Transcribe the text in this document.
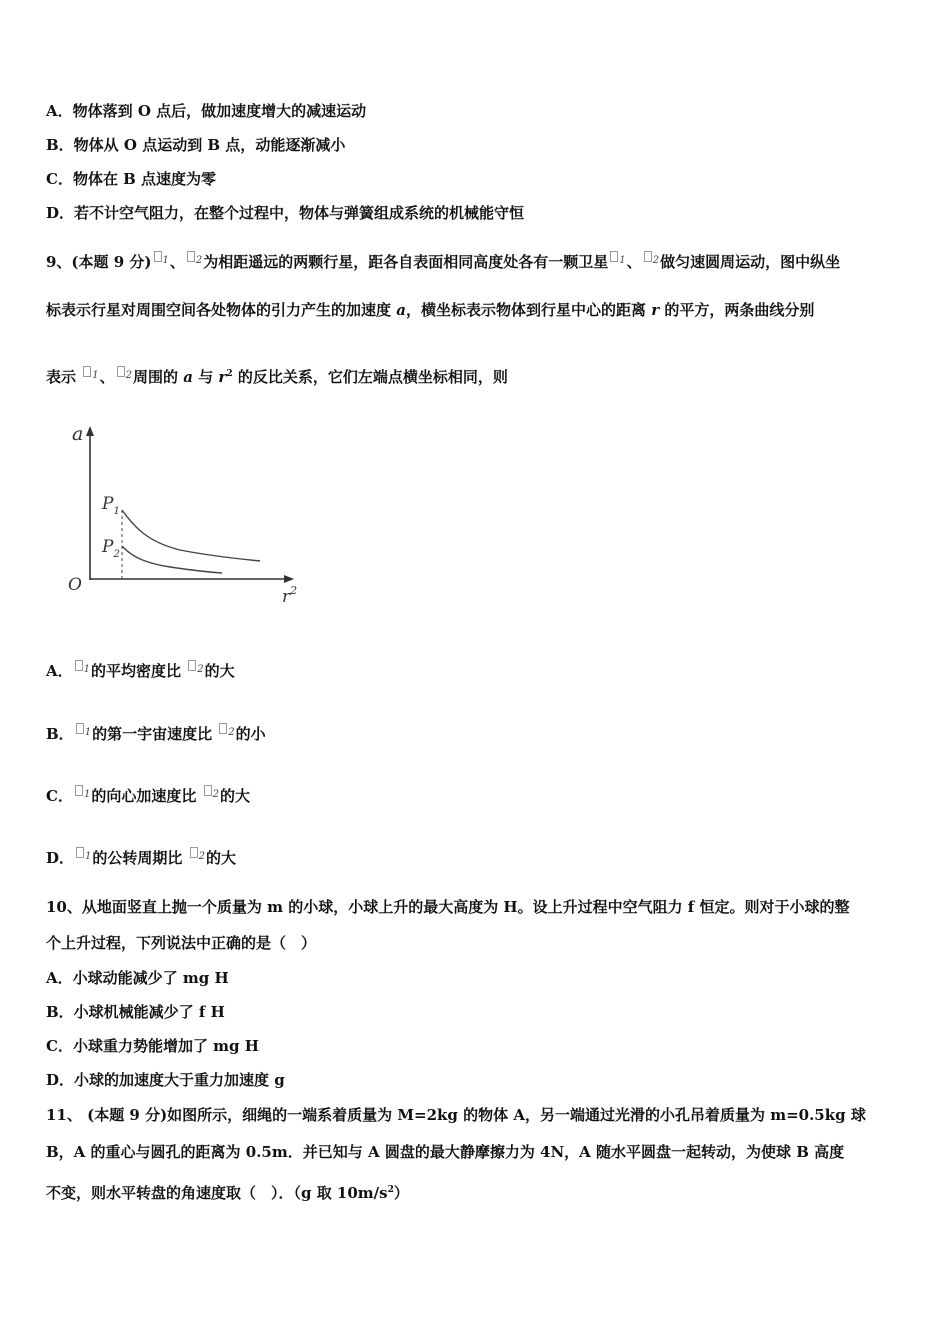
A．物体落到 O 点后，做加速度增大的减速运动
B．物体从 O 点运动到 B 点，动能逐渐减小
C．物体在 B 点速度为零
D．若不计空气阻力，在整个过程中，物体与弹簧组成系统的机械能守恒
9、(本题 9 分) $^1$、 $^2$为相距遥远的两颗行星，距各自表面相同高度处各有一颗卫星 $^1$、 $^2$做匀速圆周运动，图中纵坐
标表示行星对周围空间各处物体的引力产生的加速度 a，横坐标表示物体到行星中心的距离 r 的平方，两条曲线分别
表示 $^1$、 $^2$周围的 a 与 $r^2$ 的反比关系，它们左端点横坐标相同，则
a
O
$r^2$
$P_1$
$P_2$
A． $^1$的平均密度比 $^2$的大
B． $^1$的第一宇宙速度比 $^2$的小
C． $^1$的向心加速度比 $^2$的大
D． $^1$的公转周期比 $^2$的大
10、从地面竖直上抛一个质量为 m 的小球，小球上升的最大高度为 H。设上升过程中空气阻力 f 恒定。则对于小球的整
个上升过程，下列说法中正确的是（　）
A．小球动能减少了 mg H
B．小球机械能减少了 f H
C．小球重力势能增加了 mg H
D．小球的加速度大于重力加速度 g
11、 (本题 9 分)如图所示，细绳的一端系着质量为 M=2kg 的物体 A，另一端通过光滑的小孔吊着质量为 m=0.5kg 球
B，A 的重心与圆孔的距离为 0.5m．并已知与 A 圆盘的最大静摩擦力为 4N，A 随水平圆盘一起转动，为使球 B 高度
不变，则水平转盘的角速度取（　）．（g 取 $10m/s^2$）
